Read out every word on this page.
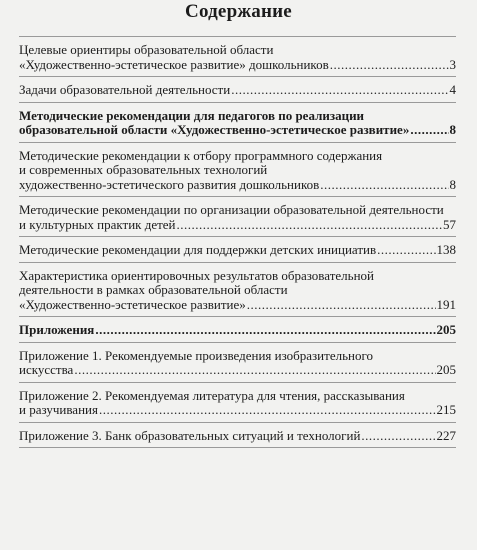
Содержание
Целевые ориентиры образовательной области
«Художественно-эстетическое развитие» дошкольников .....	3
Задачи образовательной деятельности .....	4
Методические рекомендации для педагогов по реализации
образовательной области «Художественно-эстетическое развитие» .....	8
Методические рекомендации к отбору программного содержания
и современных образовательных технологий
художественно-эстетического развития дошкольников .....	8
Методические рекомендации по организации образовательной деятельности
и культурных практик детей .....	57
Методические рекомендации для поддержки детских инициатив .....	138
Характеристика ориентировочных результатов образовательной
деятельности в рамках образовательной области
«Художественно-эстетическое развитие» .....	191
Приложения .....	205
Приложение 1. Рекомендуемые произведения изобразительного
искусства .....	205
Приложение 2. Рекомендуемая литература для чтения, рассказывания
и разучивания .....	215
Приложение 3. Банк образовательных ситуаций и технологий .....	227
